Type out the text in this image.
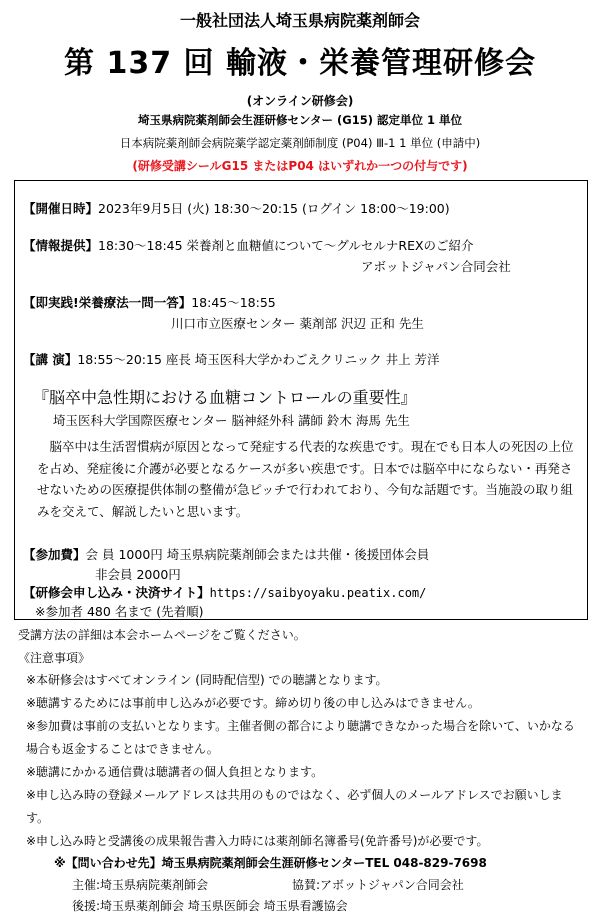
一般社団法人埼玉県病院薬剤師会
第 137 回 輸液・栄養管理研修会
(オンライン研修会)
埼玉県病院薬剤師会生涯研修センター (G15) 認定単位 1 単位
日本病院薬剤師会病院薬学認定薬剤師制度 (P04) Ⅲ-1 1 単位 (申請中)
(研修受講シールG15 またはP04 はいずれか一つの付与です)
【開催日時】2023年9月5日 (火) 18:30〜20:15 (ログイン 18:00〜19:00)
【情報提供】18:30〜18:45 栄養剤と血糖値について〜グルセルナREXのご紹介
アボットジャパン合同会社
【即実践!栄養療法一問一答】18:45〜18:55
川口市立医療センター 薬剤部 沢辺 正和 先生
【講 演】18:55〜20:15 座長 埼玉医科大学かわごえクリニック 井上 芳洋
『脳卒中急性期における血糖コントロールの重要性』
埼玉医科大学国際医療センター 脳神経外科 講師 鈴木 海馬 先生
脳卒中は生活習慣病が原因となって発症する代表的な疾患です。現在でも日本人の死因の上位を占め、発症後に介護が必要となるケースが多い疾患です。日本では脳卒中にならない・再発させないための医療提供体制の整備が急ピッチで行われており、今旬な話題です。当施設の取り組みを交えて、解説したいと思います。
【参加費】会 員 1000円 埼玉県病院薬剤師会または共催・後援団体会員
非会員 2000円
【研修会申し込み・決済サイト】https://saibyoyaku.peatix.com/
※参加者 480 名まで (先着順)
受講方法の詳細は本会ホームページをご覧ください。
《注意事項》
※本研修会はすべてオンライン (同時配信型) での聴講となります。
※聴講するためには事前申し込みが必要です。締め切り後の申し込みはできません。
※参加費は事前の支払いとなります。主催者側の都合により聴講できなかった場合を除いて、いかなる場合も返金することはできません。
※聴講にかかる通信費は聴講者の個人負担となります。
※申し込み時の登録メールアドレスは共用のものではなく、必ず個人のメールアドレスでお願いします。
※申し込み時と受講後の成果報告書入力時には薬剤師名簿番号(免許番号)が必要です。
※【問い合わせ先】埼玉県病院薬剤師会生涯研修センターTEL 048-829-7698
主催:埼玉県病院薬剤師会	協賛:アボットジャパン合同会社
後援:埼玉県薬剤師会 埼玉県医師会 埼玉県看護協会
